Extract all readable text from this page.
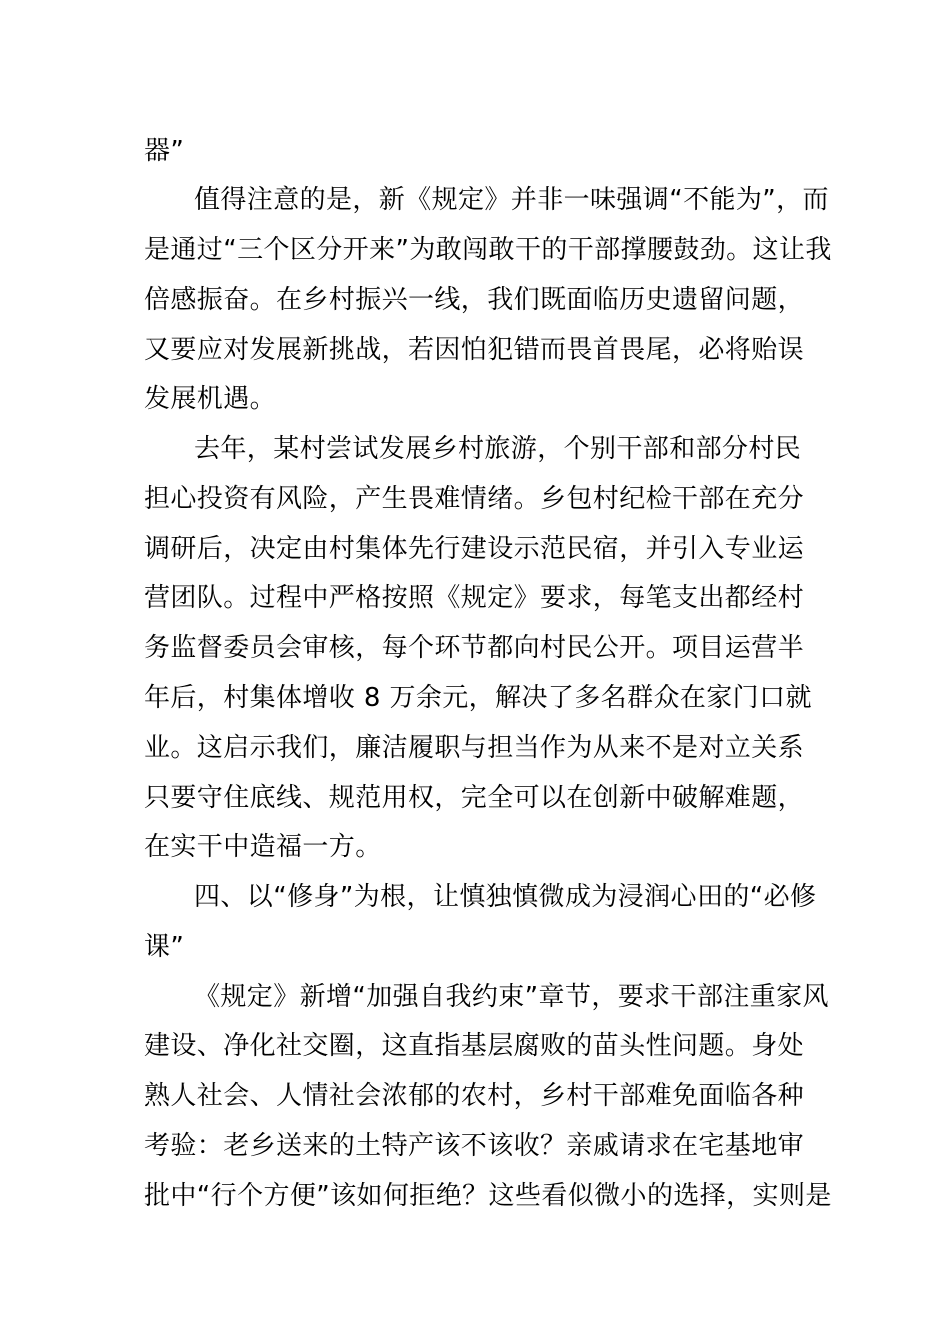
器”
值得注意的是，新《规定》并非一味强调“不能为”，而
是通过“三个区分开来”为敢闯敢干的干部撑腰鼓劲。这让我
倍感振奋。在乡村振兴一线，我们既面临历史遗留问题，
又要应对发展新挑战，若因怕犯错而畏首畏尾，必将贻误
发展机遇。
去年，某村尝试发展乡村旅游，个别干部和部分村民
担心投资有风险，产生畏难情绪。乡包村纪检干部在充分
调研后，决定由村集体先行建设示范民宿，并引入专业运
营团队。过程中严格按照《规定》要求，每笔支出都经村
务监督委员会审核，每个环节都向村民公开。项目运营半
年后，村集体增收 8 万余元，解决了多名群众在家门口就
业。这启示我们，廉洁履职与担当作为从来不是对立关系
只要守住底线、规范用权，完全可以在创新中破解难题，
在实干中造福一方。
四、以“修身”为根，让慎独慎微成为浸润心田的“必修
课”
《规定》新增“加强自我约束”章节，要求干部注重家风
建设、净化社交圈，这直指基层腐败的苗头性问题。身处
熟人社会、人情社会浓郁的农村，乡村干部难免面临各种
考验：老乡送来的土特产该不该收？亲戚请求在宅基地审
批中“行个方便”该如何拒绝？这些看似微小的选择，实则是
